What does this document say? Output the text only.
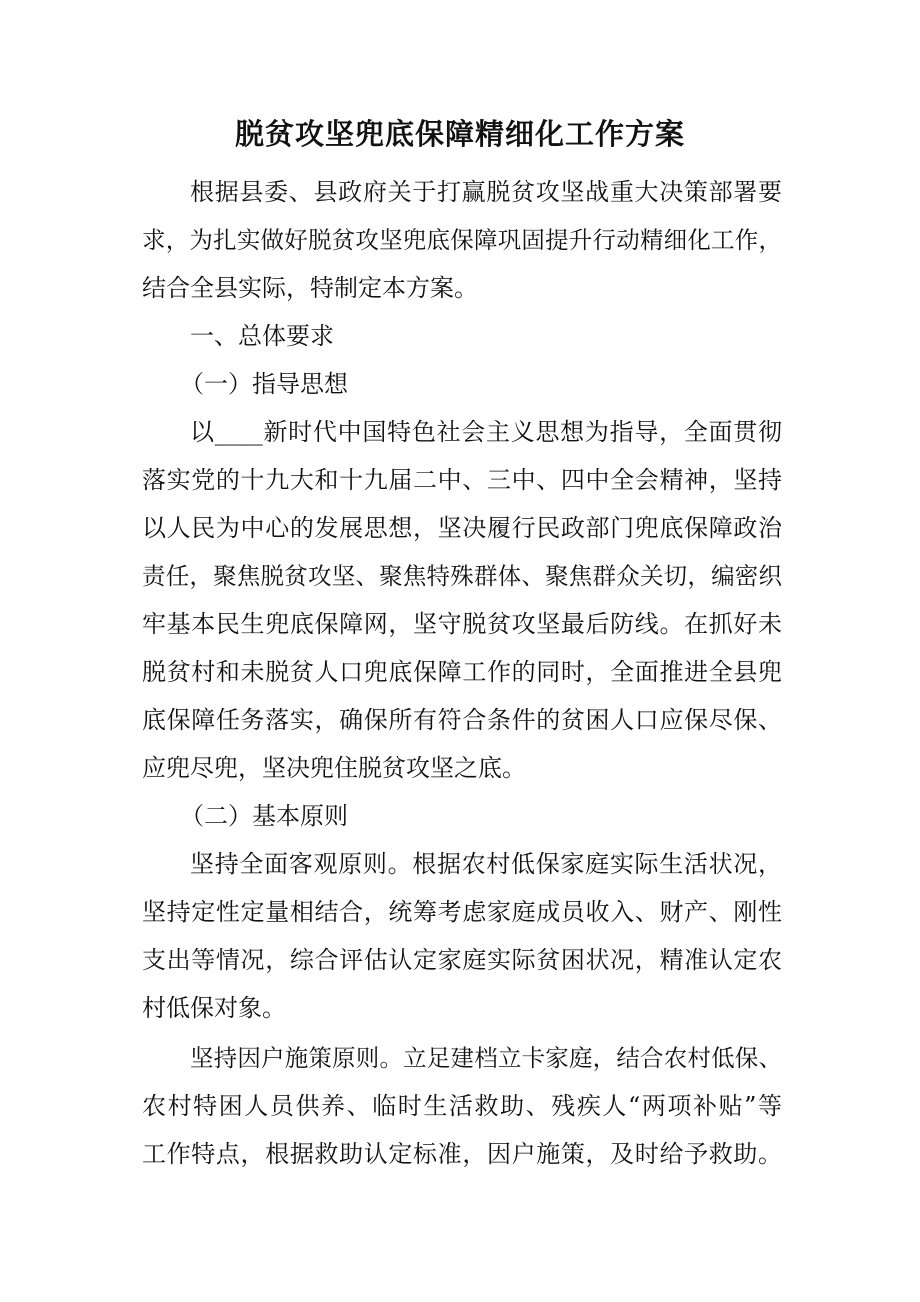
脱贫攻坚兜底保障精细化工作方案

根据县委、县政府关于打赢脱贫攻坚战重大决策部署要

求，为扎实做好脱贫攻坚兜底保障巩固提升行动精细化工作，

结合全县实际，特制定本方案。

一、总体要求

（一）指导思想

以____新时代中国特色社会主义思想为指导，全面贯彻

落实党的十九大和十九届二中、三中、四中全会精神，坚持

以人民为中心的发展思想，坚决履行民政部门兜底保障政治

责任，聚焦脱贫攻坚、聚焦特殊群体、聚焦群众关切，编密织

牢基本民生兜底保障网，坚守脱贫攻坚最后防线。在抓好未

脱贫村和未脱贫人口兜底保障工作的同时，全面推进全县兜

底保障任务落实，确保所有符合条件的贫困人口应保尽保、

应兜尽兜，坚决兜住脱贫攻坚之底。

（二）基本原则

坚持全面客观原则。根据农村低保家庭实际生活状况，

坚持定性定量相结合，统筹考虑家庭成员收入、财产、刚性

支出等情况，综合评估认定家庭实际贫困状况，精准认定农

村低保对象。

坚持因户施策原则。立足建档立卡家庭，结合农村低保、

农村特困人员供养、临时生活救助、残疾人“两项补贴”等

工作特点，根据救助认定标准，因户施策，及时给予救助。
